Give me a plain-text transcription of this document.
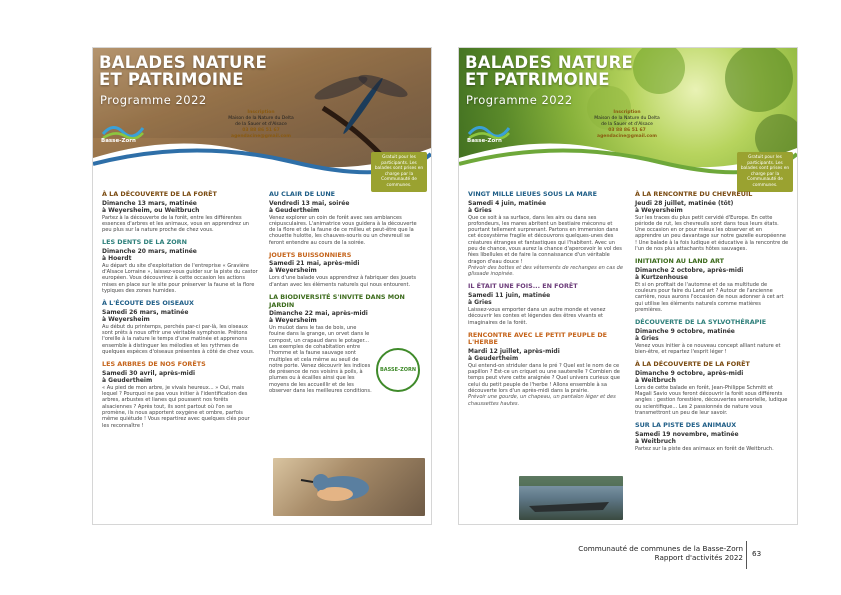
BALADES NATURE
ET PATRIMOINE
Programme 2022
Basse-Zorn
Inscription
Maison de la Nature du Delta
de la Sauer et d'Alsace
03 88 86 51 67
agendacine@gmail.com
Gratuit pour les participants. Les balades sont prises en charge par la Communauté de communes.
À LA DÉCOUVERTE DE LA FORÊT
Dimanche 13 mars, matinée
à Weyersheim, ou Weitbruch
Partez à la découverte de la forêt, entre les différentes essences d'arbres et les animaux, vous en apprendrez un peu plus sur la nature proche de chez vous.
LES DENTS DE LA ZORN
Dimanche 20 mars, matinée
à Hoerdt
Au départ du site d'exploitation de l'entreprise « Gravière d'Alsace Lorraine », laissez-vous guider sur la piste du castor européen. Vous découvrirez à cette occasion les actions mises en place sur le site pour préserver la faune et la flore typiques des zones humides.
À L'ÉCOUTE DES OISEAUX
Samedi 26 mars, matinée
à Weyersheim
Au début du printemps, perchés par-ci par-là, les oiseaux sont prêts à nous offrir une véritable symphonie. Prêtons l'oreille à la nature le temps d'une matinée et apprenons ensemble à distinguer les mélodies et les rythmes de quelques espèces d'oiseaux présentes à côté de chez vous.
LES ARBRES DE NOS FORÊTS
Samedi 30 avril, après-midi
à Geudertheim
« Au pied de mon arbre, je vivais heureux... » Oui, mais lequel ? Pourquoi ne pas vous initier à l'identification des arbres, arbustes et lianes qui poussent nos forêts alsaciennes ? Après tout, ils sont partout où l'on se promène, ils nous apportent oxygène et ombre, parfois même quiétude ! Vous repartirez avec quelques clés pour les reconnaître !
AU CLAIR DE LUNE
Vendredi 13 mai, soirée
à Geudertheim
Venez explorer un coin de forêt avec ses ambiances crépusculaires. L'animatrice vous guidera à la découverte de la flore et de la faune de ce milieu et peut-être que la chouette hulotte, les chauves-souris ou un chevreuil se feront entendre au cours de la soirée.
JOUETS BUISSONNIERS
Samedi 21 mai, après-midi
à Weyersheim
Lors d'une balade vous apprendrez à fabriquer des jouets d'antan avec les éléments naturels qui nous entourent.
LA BIODIVERSITÉ S'INVITE DANS MON JARDIN
Dimanche 22 mai, après-midi
à Weyersheim
Un muüot dans le tas de bois, une fouine dans la grange, un orvet dans le compost, un crapaud dans le potager... Les exemples de cohabitation entre l'homme et la faune sauvage sont multiples et cela même au seuil de notre porte. Venez découvrir les indices de présence de nos voisins à poils, à plumes ou à écailles ainsi que les moyens de les accueillir et de les observer dans les meilleures conditions.
BASSE-ZORN
BALADES NATURE
ET PATRIMOINE
Programme 2022
Basse-Zorn
Inscription
Maison de la Nature du Delta
de la Sauer et d'Alsace
03 88 86 51 67
agendacine@gmail.com
Gratuit pour les participants. Les balades sont prises en charge par la Communauté de communes.
VINGT MILLE LIEUES SOUS LA MARE
Samedi 4 juin, matinée
à Gries
Que ce soit à sa surface, dans les airs ou dans ses profondeurs, les mares abritent un bestiaire méconnu et pourtant tellement surprenant. Partons en immersion dans cet écosystème fragile et découvrons quelques-unes des créatures étranges et fantastiques qui l'habitent. Avec un peu de chance, vous aurez la chance d'apercevoir le vol des fées libellules et de faire la connaissance d'un véritable dragon d'eau douce !
Prévoir des bottes et des vêtements de rechanges en cas de glissade inopinée.
IL ÉTAIT UNE FOIS... EN FORÊT
Samedi 11 juin, matinée
à Gries
Laissez-vous emporter dans un autre monde et venez découvrir les contes et légendes des êtres vivants et imaginaires de la forêt.
RENCONTRE AVEC LE PETIT PEUPLE DE L'HERBE
Mardi 12 juillet, après-midi
à Geudertheim
Qui entend-on striduler dans le pré ? Quel est le nom de ce papillon ? Est-ce un criquet ou une sauterelle ? Combien de temps peut vivre cette araignée ? Quel univers curieux que celui du petit peuple de l'herbe ! Allons ensemble à sa découverte lors d'un après-midi dans la prairie.
Prévoir une gourde, un chapeau, un pantalon léger et des chaussettes hautes.
À LA RENCONTRE DU CHEVREUIL
Jeudi 28 juillet, matinée (tôt)
à Weyersheim
Sur les traces du plus petit cervidé d'Europe. En cette période de rut, les chevreuils sont dans tous leurs états. Une occasion en or pour mieux les observer et en apprendre un peu davantage sur notre gazelle européenne ! Une balade à la fois ludique et éducative à la rencontre de l'un de nos plus attachants hôtes sauvages.
INITIATION AU LAND ART
Dimanche 2 octobre, après-midi
à Kurtzenhouse
Et si on profitait de l'automne et de sa multitude de couleurs pour faire du Land art ? Autour de l'ancienne carrière, nous aurons l'occasion de nous adonner à cet art qui utilise les éléments naturels comme matières premières.
DÉCOUVERTE DE LA SYLVOTHÉRAPIE
Dimanche 9 octobre, matinée
à Gries
Venez vous initier à ce nouveau concept alliant nature et bien-être, et repartez l'esprit léger !
À LA DÉCOUVERTE DE LA FORÊT
Dimanche 9 octobre, après-midi
à Weitbruch
Lors de cette balade en forêt, Jean-Philippe Schmitt et Magali Savio vous feront découvrir la forêt sous différents angles : gestion forestière, découvertes sensorielle, ludique ou scientifique... Les 2 passionnés de nature vous transmettront un peu de leur savoir.
SUR LA PISTE DES ANIMAUX
Samedi 19 novembre, matinée
à Weitbruch
Partez sur la piste des animaux en forêt de Weitbruch.
Communauté de communes de la Basse-Zorn
Rapport d'activités 2022 63
